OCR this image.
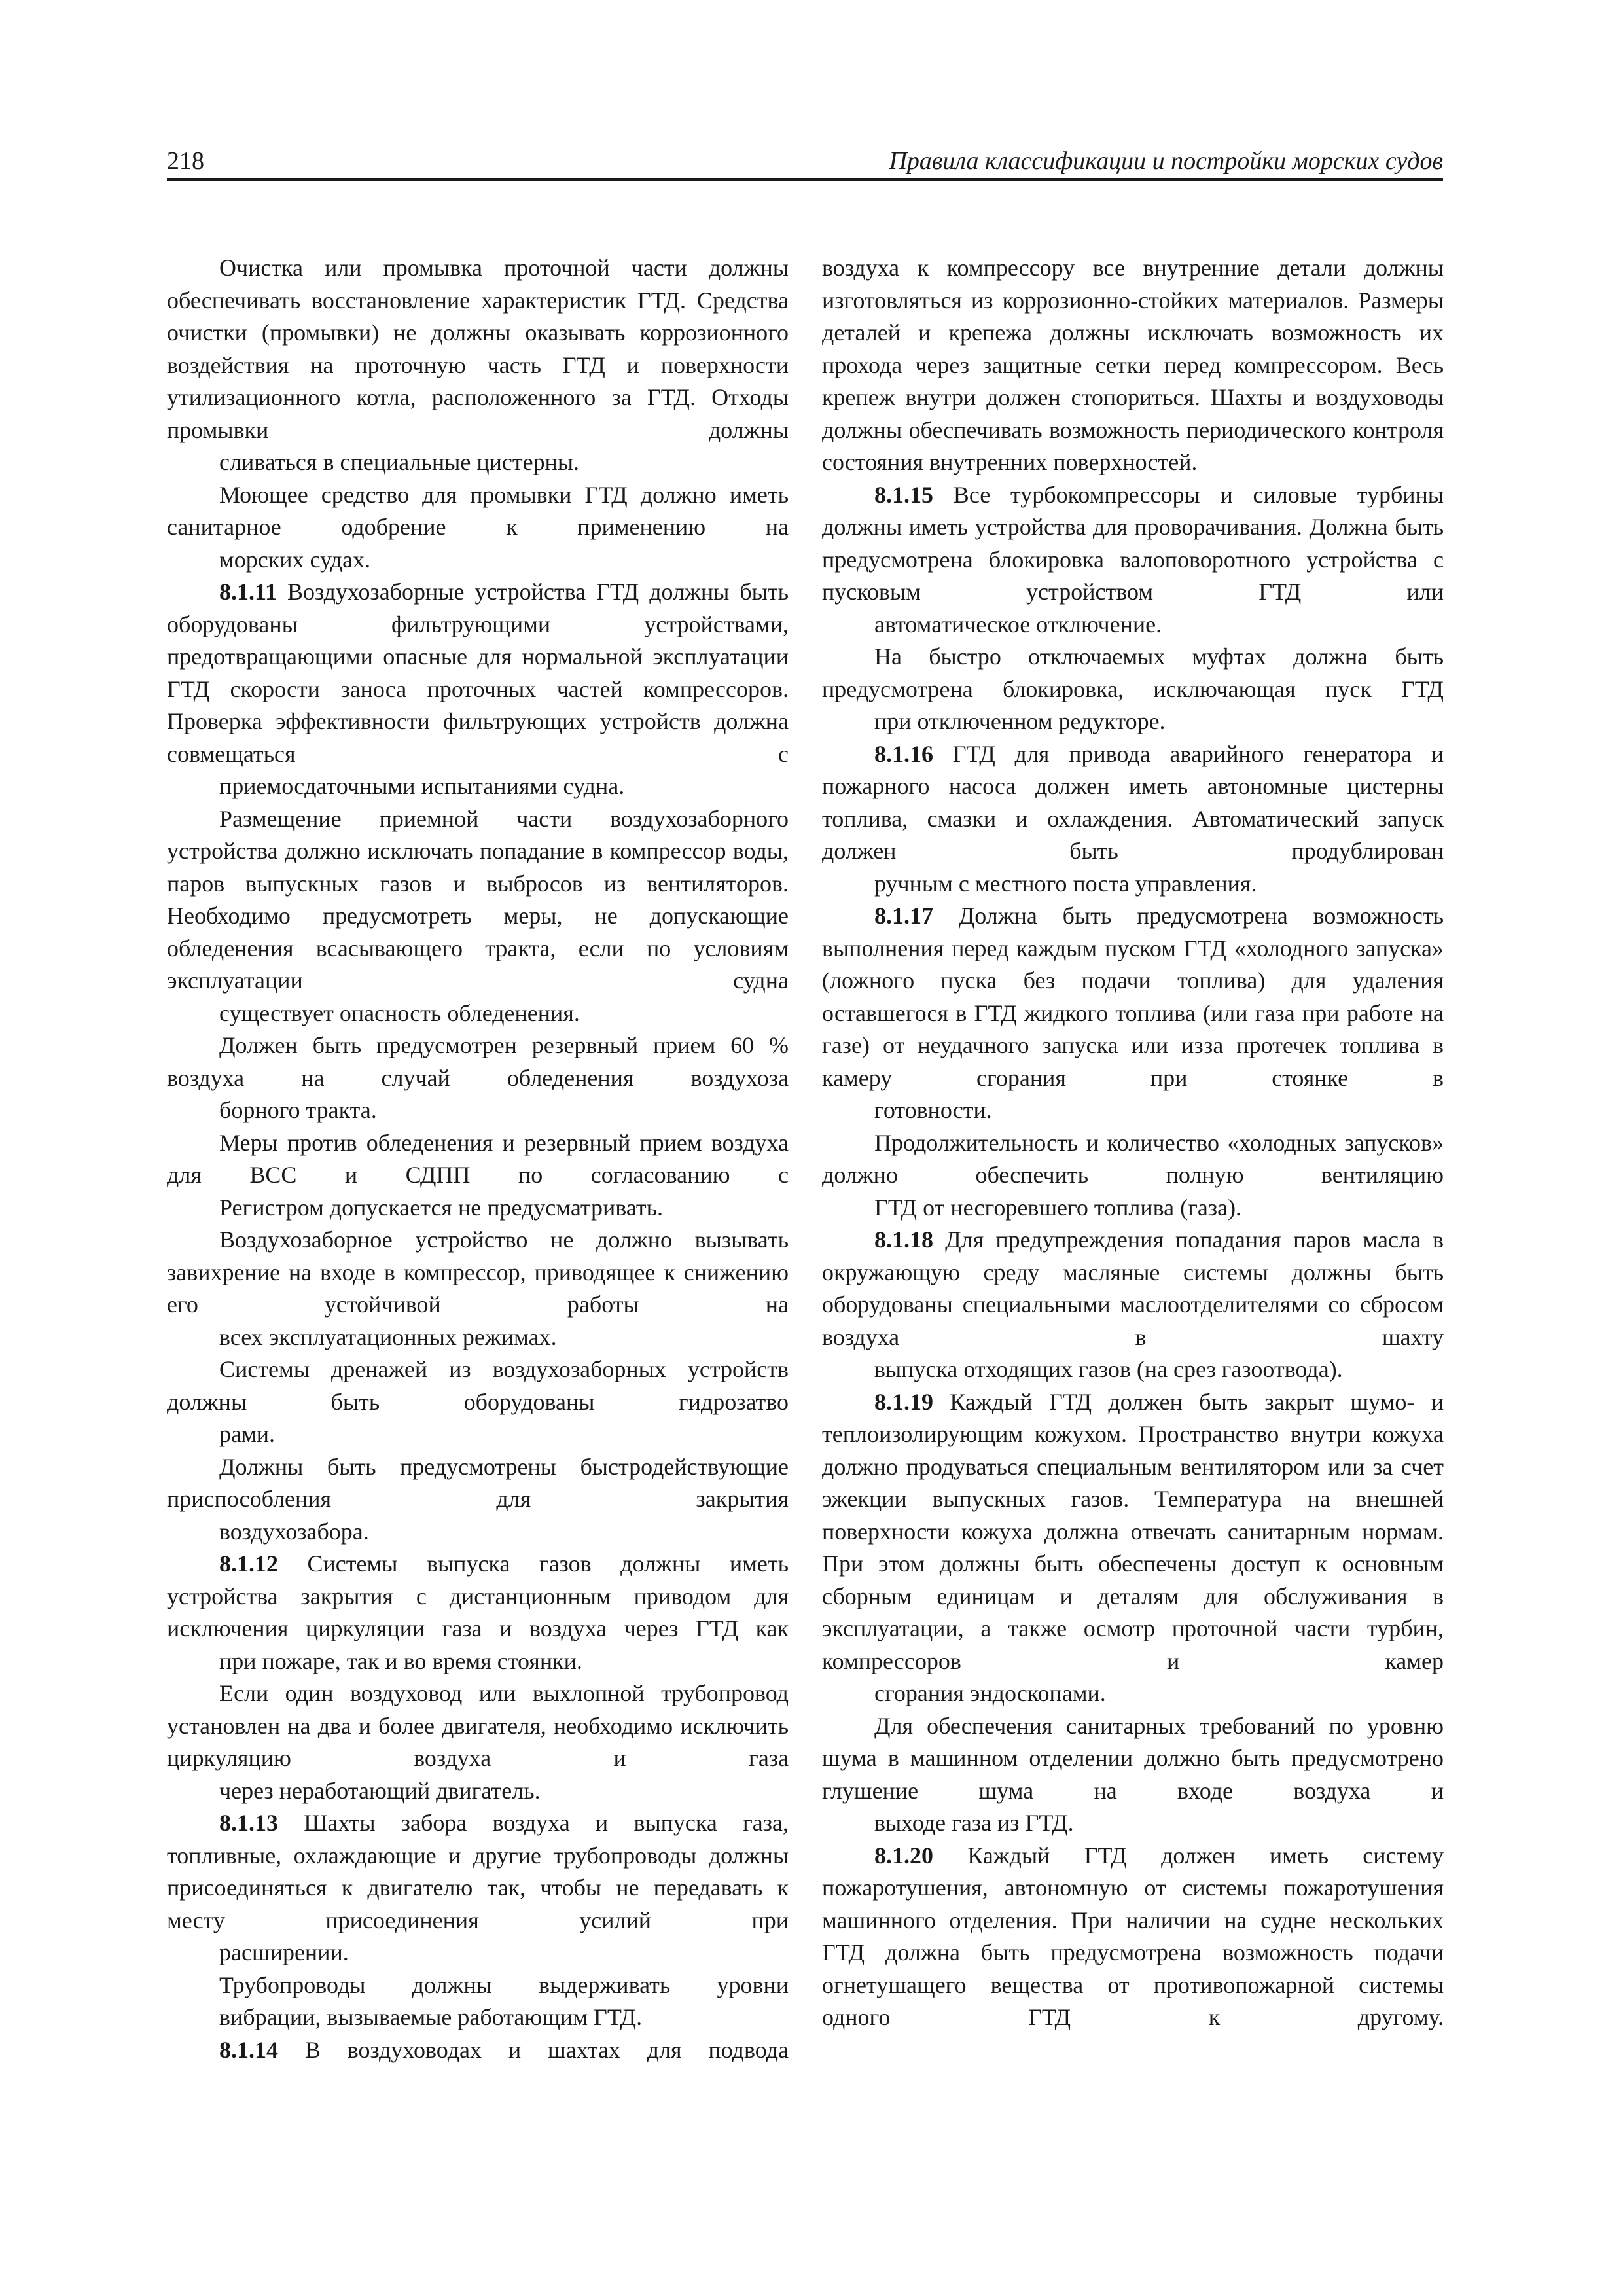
218	Правила классификации и постройки морских судов

Очистка или промывка проточной части должны обеспечивать восстановление характеристик ГТД. Средства очистки (промывки) не должны оказывать коррозионного воздействия на проточную часть ГТД и поверхности утилизационного котла, расположенного за ГТД. Отходы промывки должны
сливаться в специальные цистерны.

Моющее средство для промывки ГТД должно иметь санитарное одобрение к применению на
морских судах.

8.1.11 Воздухозаборные устройства ГТД должны быть оборудованы фильтрующими устройствами, предотвращающими опасные для нормальной эксплуатации ГТД скорости заноса проточных частей компрессоров. Проверка эффективности фильтрующих устройств должна совмещаться с
приемосдаточными испытаниями судна.

Размещение приемной части воздухозаборного устройства должно исключать попадание в компрессор воды, паров выпускных газов и выбросов из вентиляторов. Необходимо предусмотреть меры, не допускающие обледенения всасывающего тракта, если по условиям эксплуатации судна
существует опасность обледенения.

Должен быть предусмотрен резервный прием 60 % воздуха на случай обледенения воздухоза
борного тракта.

Меры против обледенения и резервный прием воздуха для ВСС и СДПП по согласованию с
Регистром допускается не предусматривать.

Воздухозаборное устройство не должно вызывать завихрение на входе в компрессор, приводящее к снижению его устойчивой работы на
всех эксплуатационных режимах.

Системы дренажей из воздухозаборных устройств должны быть оборудованы гидрозатво
рами.

Должны быть предусмотрены быстродействующие приспособления для закрытия
воздухозабора.

8.1.12 Системы выпуска газов должны иметь устройства закрытия с дистанционным приводом для исключения циркуляции газа и воздуха через ГТД как
при пожаре, так и во время стоянки.

Если один воздуховод или выхлопной трубопровод установлен на два и более двигателя, необходимо исключить циркуляцию воздуха и газа
через неработающий двигатель.

8.1.13 Шахты забора воздуха и выпуска газа, топливные, охлаждающие и другие трубопроводы должны присоединяться к двигателю так, чтобы не передавать к месту присоединения усилий при
расширении.

Трубопроводы должны выдерживать уровни
вибрации, вызываемые работающим ГТД.

8.1.14 В воздуховодах и шахтах для подвода

воздуха к компрессору все внутренние детали должны изготовляться из коррозионно-стойких материалов. Размеры деталей и крепежа должны исключать возможность их прохода через защитные сетки перед компрессором. Весь крепеж внутри должен стопориться. Шахты и воздуховоды должны обеспечивать возможность периодического контроля
состояния внутренних поверхностей.

8.1.15 Все турбокомпрессоры и силовые турбины должны иметь устройства для проворачивания. Должна быть предусмотрена блокировка валоповоротного устройства с пусковым устройством ГТД или
автоматическое отключение.

На быстро отключаемых муфтах должна быть предусмотрена блокировка, исключающая пуск ГТД
при отключенном редукторе.

8.1.16 ГТД для привода аварийного генератора и пожарного насоса должен иметь автономные цистерны топлива, смазки и охлаждения. Автоматический запуск должен быть продублирован
ручным с местного поста управления.

8.1.17 Должна быть предусмотрена возможность выполнения перед каждым пуском ГТД «холодного запуска» (ложного пуска без подачи топлива) для удаления оставшегося в ГТД жидкого топлива (или газа при работе на газе) от неудачного запуска или изза протечек топлива в камеру сгорания при стоянке в
готовности.

Продолжительность и количество «холодных запусков» должно обеспечить полную вентиляцию
ГТД от несгоревшего топлива (газа).

8.1.18 Для предупреждения попадания паров масла в окружающую среду масляные системы должны быть оборудованы специальными маслоотделителями со сбросом воздуха в шахту
выпуска отходящих газов (на срез газоотвода).

8.1.19 Каждый ГТД должен быть закрыт шумо- и теплоизолирующим кожухом. Пространство внутри кожуха должно продуваться специальным вентилятором или за счет эжекции выпускных газов. Температура на внешней поверхности кожуха должна отвечать санитарным нормам. При этом должны быть обеспечены доступ к основным сборным единицам и деталям для обслуживания в эксплуатации, а также осмотр проточной части турбин, компрессоров и камер
сгорания эндоскопами.

Для обеспечения санитарных требований по уровню шума в машинном отделении должно быть предусмотрено глушение шума на входе воздуха и
выходе газа из ГТД.

8.1.20 Каждый ГТД должен иметь систему пожаротушения, автономную от системы пожаротушения машинного отделения. При наличии на судне нескольких ГТД должна быть предусмотрена возможность подачи огнетушащего вещества от противопожарной системы одного ГТД к другому.
